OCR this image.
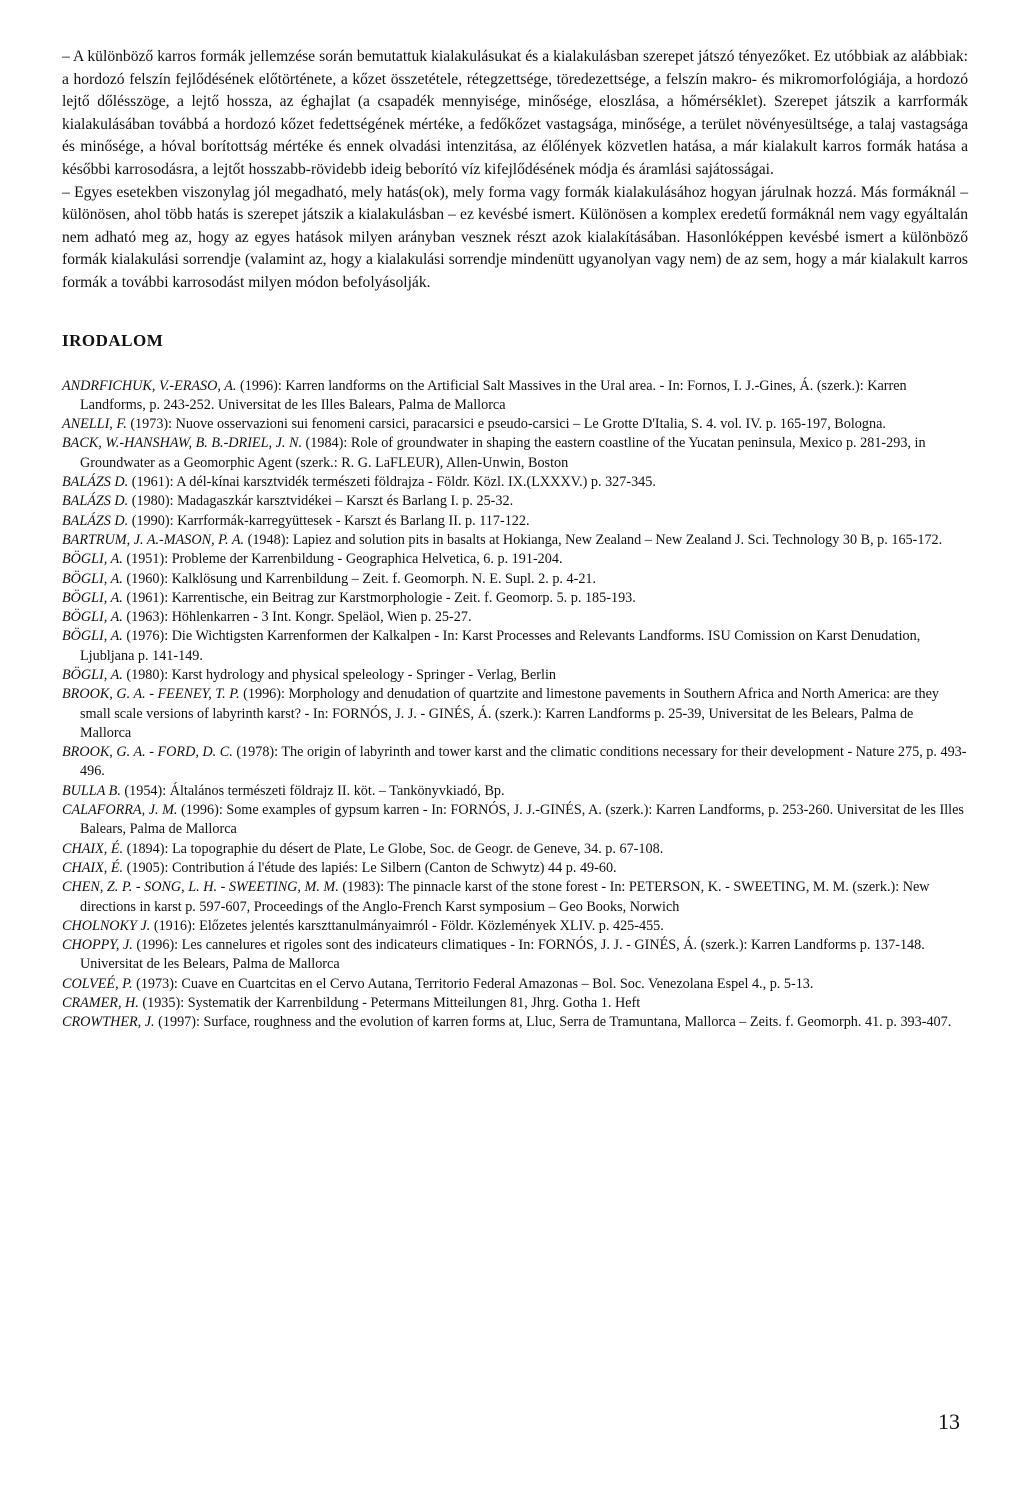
– A különböző karros formák jellemzése során bemutattuk kialakulásukat és a kialakulásban szerepet játszó tényezőket. Ez utóbbiak az alábbiak: a hordozó felszín fejlődésének előtörténete, a kőzet összetétele, rétegzettsége, töredezettsége, a felszín makro- és mikromorfológiája, a hordozó lejtő dőlésszöge, a lejtő hossza, az éghajlat (a csapadék mennyisége, minősége, eloszlása, a hőmérséklet). Szerepet játszik a karrformák kialakulásában továbbá a hordozó kőzet fedettségének mértéke, a fedőkőzet vastagsága, minősége, a terület növényesültsége, a talaj vastagsága és minősége, a hóval borítottság mértéke és ennek olvadási intenzitása, az élőlények közvetlen hatása, a már kialakult karros formák hatása a későbbi karrosodásra, a lejtőt hosszabb-rövidebb ideig beborító víz kifejlődésének módja és áramlási sajátosságai.

– Egyes esetekben viszonylag jól megadható, mely hatás(ok), mely forma vagy formák kialakulásához hogyan járulnak hozzá. Más formáknál – különösen, ahol több hatás is szerepet játszik a kialakulásban – ez kevésbé ismert. Különösen a komplex eredetű formáknál nem vagy egyáltalán nem adható meg az, hogy az egyes hatások milyen arányban vesznek részt azok kialakításában. Hasonlóképpen kevésbé ismert a különböző formák kialakulási sorrendje (valamint az, hogy a kialakulási sorrendje mindenütt ugyanolyan vagy nem) de az sem, hogy a már kialakult karros formák a további karrosodást milyen módon befolyásolják.

IRODALOM

ANDRFICHUK, V.-ERASO, A. (1996): Karren landforms on the Artificial Salt Massives in the Ural area. - In: Fornos, I. J.-Gines, Á. (szerk.): Karren Landforms, p. 243-252. Universitat de les Illes Balears, Palma de Mallorca

ANELLI, F. (1973): Nuove osservazioni sui fenomeni carsici, paracarsici e pseudo-carsici – Le Grotte D'Italia, S. 4. vol. IV. p. 165-197, Bologna.

BACK, W.-HANSHAW, B. B.-DRIEL, J. N. (1984): Role of groundwater in shaping the eastern coastline of the Yucatan peninsula, Mexico p. 281-293, in Groundwater as a Geomorphic Agent (szerk.: R. G. LaFLEUR), Allen-Unwin, Boston

BALÁZS D. (1961): A dél-kínai karsztvidék természeti földrajza - Földr. Közl. IX.(LXXXV.) p. 327-345.

BALÁZS D. (1980): Madagaszkár karsztvidékei – Karszt és Barlang I. p. 25-32.

BALÁZS D. (1990): Karrformák-karregyüttesek - Karszt és Barlang II. p. 117-122.

BARTRUM, J. A.-MASON, P. A. (1948): Lapiez and solution pits in basalts at Hokianga, New Zealand – New Zealand J. Sci. Technology 30 B, p. 165-172.

BÖGLI, A. (1951): Probleme der Karrenbildung - Geographica Helvetica, 6. p. 191-204.

BÖGLI, A. (1960): Kalklösung und Karrenbildung – Zeit. f. Geomorph. N. E. Supl. 2. p. 4-21.

BÖGLI, A. (1961): Karrentische, ein Beitrag zur Karstmorphologie - Zeit. f. Geomorp. 5. p. 185-193.

BÖGLI, A. (1963): Höhlenkarren - 3 Int. Kongr. Speläol, Wien p. 25-27.

BÖGLI, A. (1976): Die Wichtigsten Karrenformen der Kalkalpen - In: Karst Processes and Relevants Landforms. ISU Comission on Karst Denudation, Ljubljana p. 141-149.

BÖGLI, A. (1980): Karst hydrology and physical speleology - Springer - Verlag, Berlin

BROOK, G. A. - FEENEY, T. P. (1996): Morphology and denudation of quartzite and limestone pavements in Southern Africa and North America: are they small scale versions of labyrinth karst? - In: FORNÓS, J. J. - GINÉS, Á. (szerk.): Karren Landforms p. 25-39, Universitat de les Belears, Palma de Mallorca

BROOK, G. A. - FORD, D. C. (1978): The origin of labyrinth and tower karst and the climatic conditions necessary for their development - Nature 275, p. 493-496.

BULLA B. (1954): Általános természeti földrajz II. köt. – Tankönyvkiadó, Bp.

CALAFORRA, J. M. (1996): Some examples of gypsum karren - In: FORNÓS, J. J.-GINÉS, A. (szerk.): Karren Landforms, p. 253-260. Universitat de les Illes Balears, Palma de Mallorca

CHAIX, É. (1894): La topographie du désert de Plate, Le Globe, Soc. de Geogr. de Geneve, 34. p. 67-108.

CHAIX, É. (1905): Contribution á l'étude des lapiés: Le Silbern (Canton de Schwytz) 44 p. 49-60.

CHEN, Z. P. - SONG, L. H. - SWEETING, M. M. (1983): The pinnacle karst of the stone forest - In: PETERSON, K. - SWEETING, M. M. (szerk.): New directions in karst p. 597-607, Proceedings of the Anglo-French Karst symposium – Geo Books, Norwich

CHOLNOKY J. (1916): Előzetes jelentés karszttanulmányaimról - Földr. Közlemények XLIV. p. 425-455.

CHOPPY, J. (1996): Les cannelures et rigoles sont des indicateurs climatiques - In: FORNÓS, J. J. - GINÉS, Á. (szerk.): Karren Landforms p. 137-148. Universitat de les Belears, Palma de Mallorca

COLVEÉ, P. (1973): Cuave en Cuartcitas en el Cervo Autana, Territorio Federal Amazonas – Bol. Soc. Venezolana Espel 4., p. 5-13.

CRAMER, H. (1935): Systematik der Karrenbildung - Petermans Mitteilungen 81, Jhrg. Gotha 1. Heft

CROWTHER, J. (1997): Surface, roughness and the evolution of karren forms at, Lluc, Serra de Tramuntana, Mallorca – Zeits. f. Geomorph. 41. p. 393-407.

13
